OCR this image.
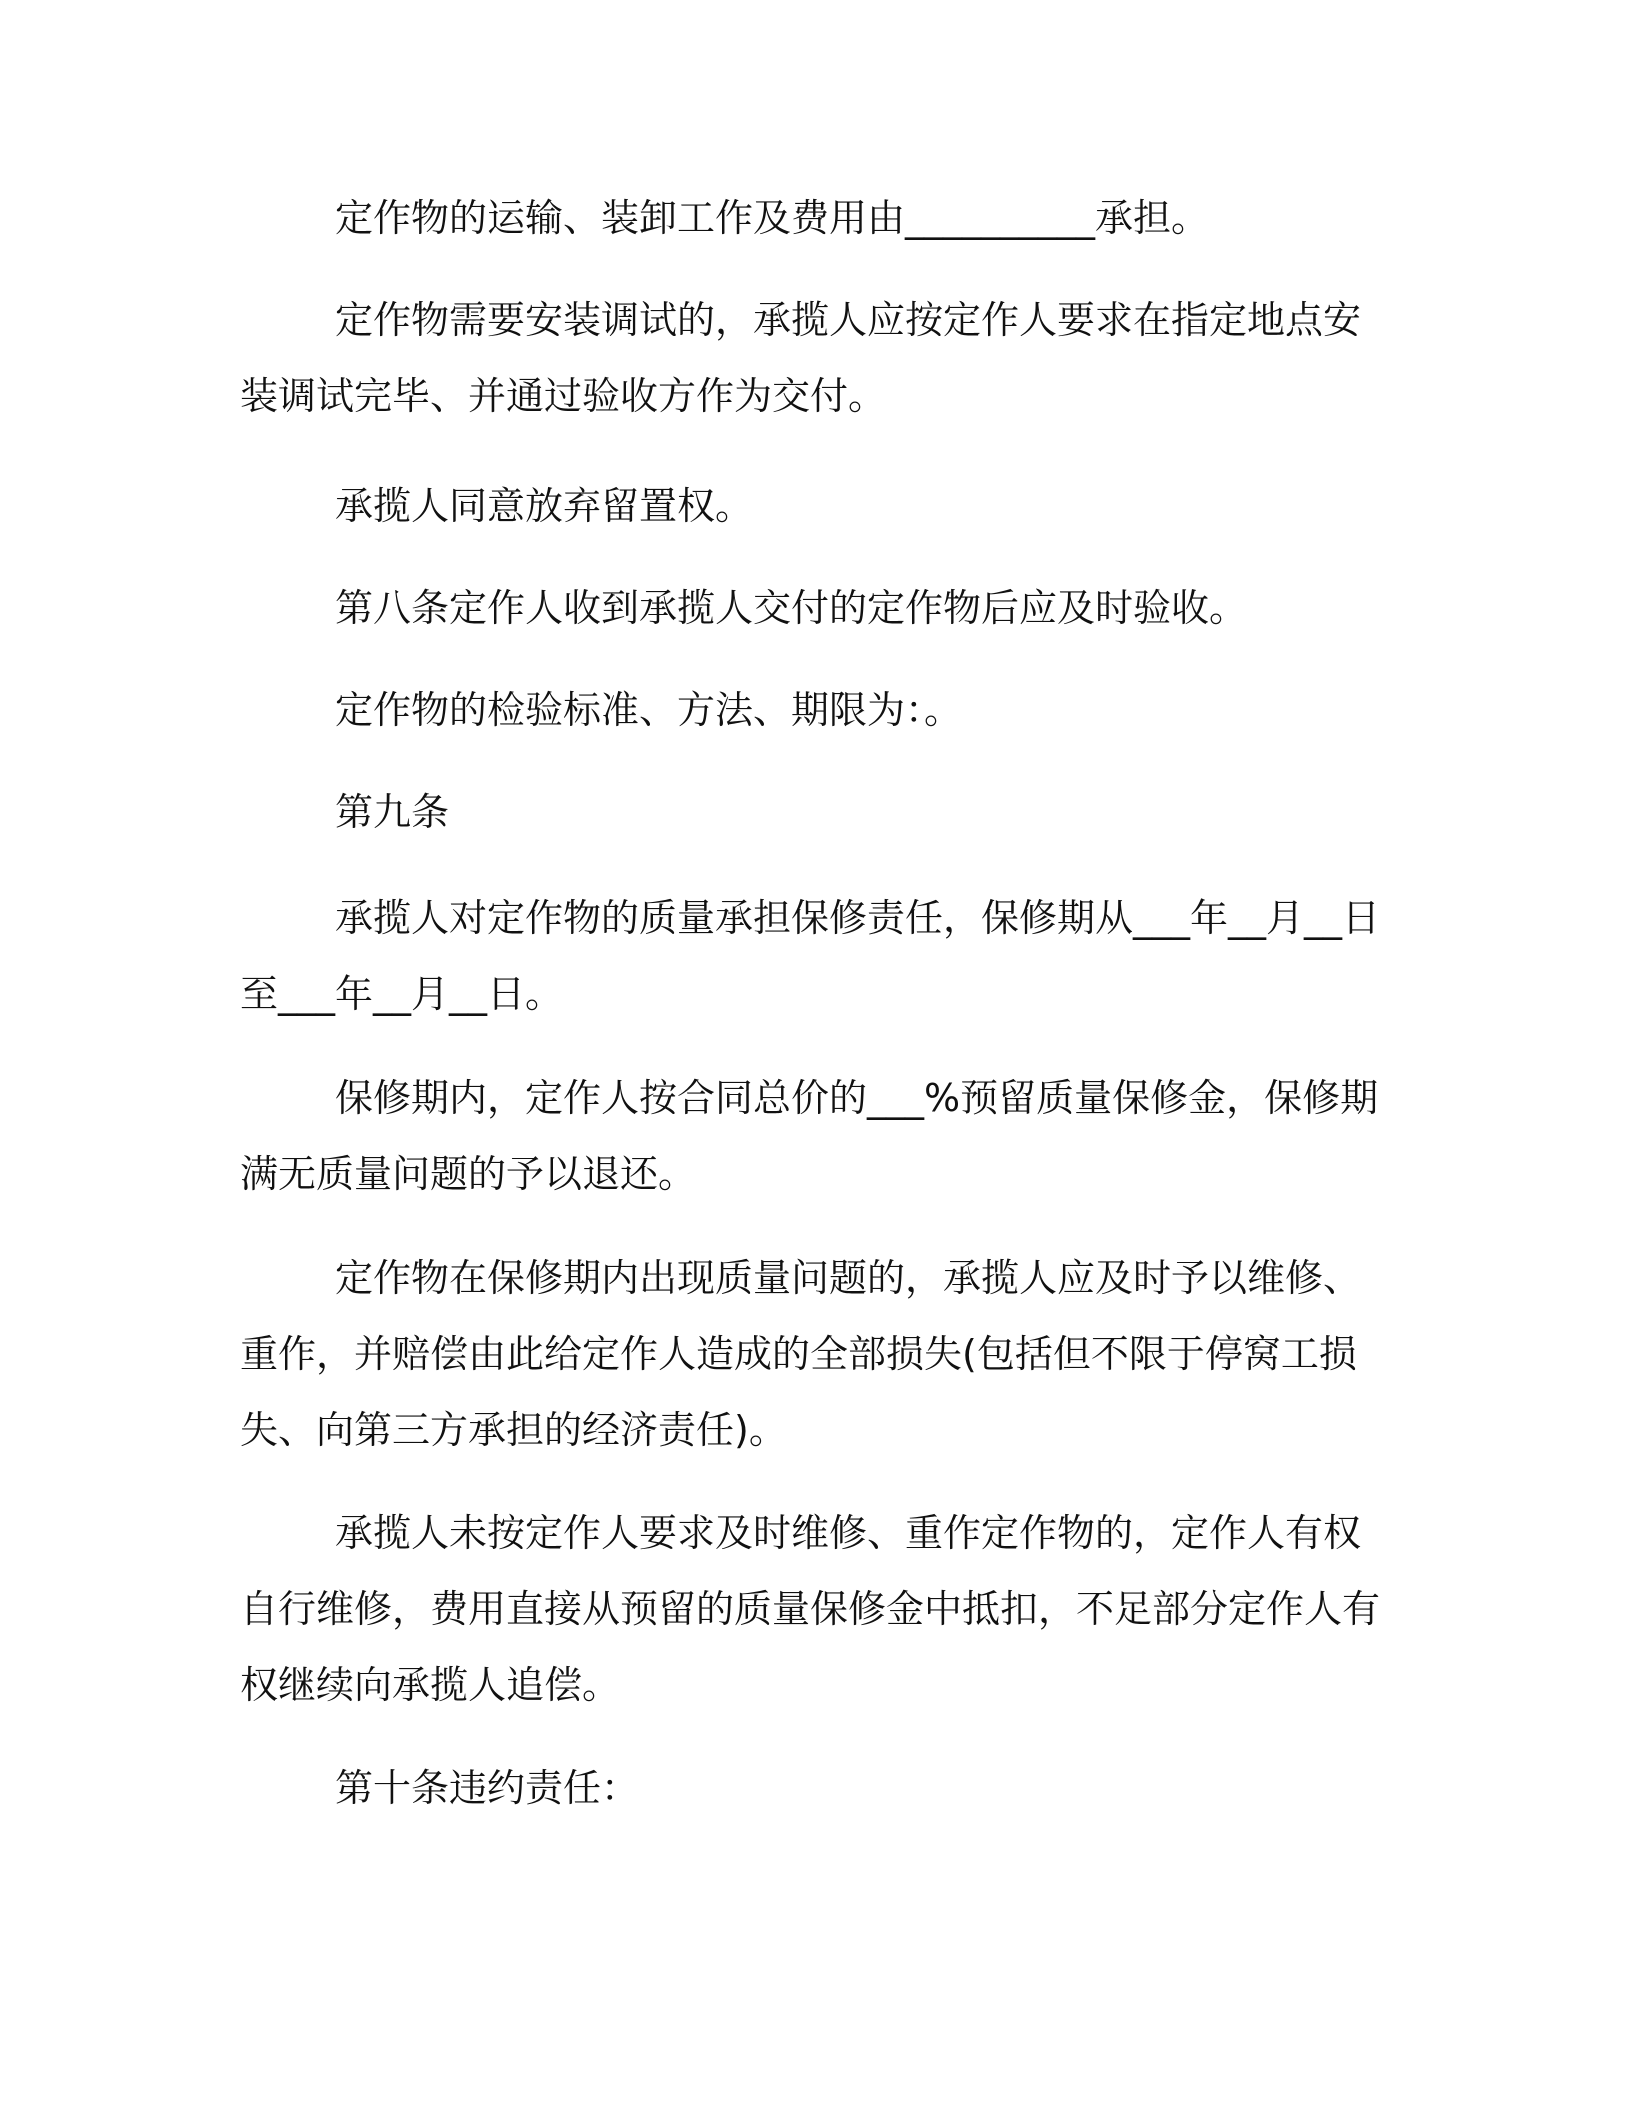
定作物的运输、装卸工作及费用由__________承担。

定作物需要安装调试的，承揽人应按定作人要求在指定地点安装调试完毕、并通过验收方作为交付。

承揽人同意放弃留置权。

第八条定作人收到承揽人交付的定作物后应及时验收。

定作物的检验标准、方法、期限为：。

第九条

承揽人对定作物的质量承担保修责任，保修期从___年__月__日至___年__月__日。

保修期内，定作人按合同总价的___%预留质量保修金，保修期满无质量问题的予以退还。

定作物在保修期内出现质量问题的，承揽人应及时予以维修、重作，并赔偿由此给定作人造成的全部损失(包括但不限于停窝工损失、向第三方承担的经济责任)。

承揽人未按定作人要求及时维修、重作定作物的，定作人有权自行维修，费用直接从预留的质量保修金中抵扣，不足部分定作人有权继续向承揽人追偿。

第十条违约责任：
